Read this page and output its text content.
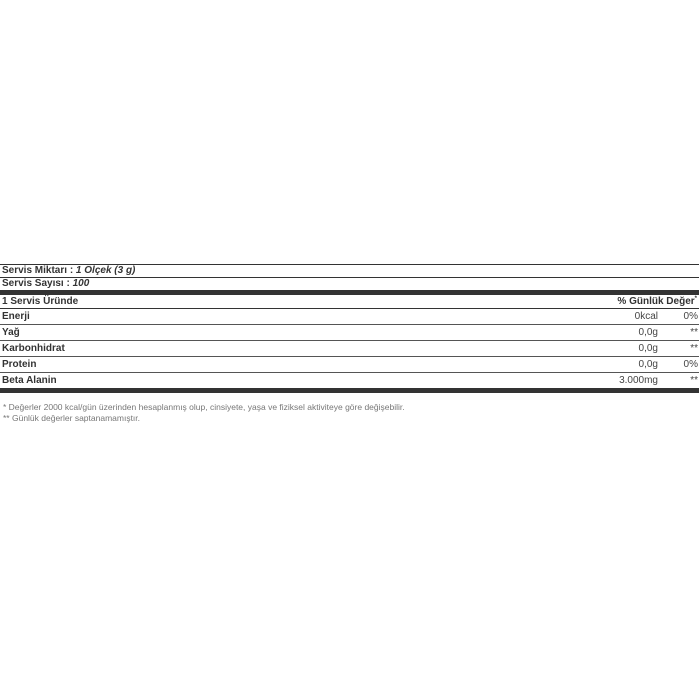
Servis Miktarı : 1 Ölçek (3 g)
Servis Sayısı : 100
1 Servis Üründe	% Günlük Değer*
Enerji	0kcal	0%
Yağ	0,0g	**
Karbonhidrat	0,0g	**
Protein	0,0g	0%
Beta Alanin	3.000mg	**
* Değerler 2000 kcal/gün üzerinden hesaplanmış olup, cinsiyete, yaşa ve fiziksel aktiviteye göre değişebilir.
** Günlük değerler saptanamamıştır.
